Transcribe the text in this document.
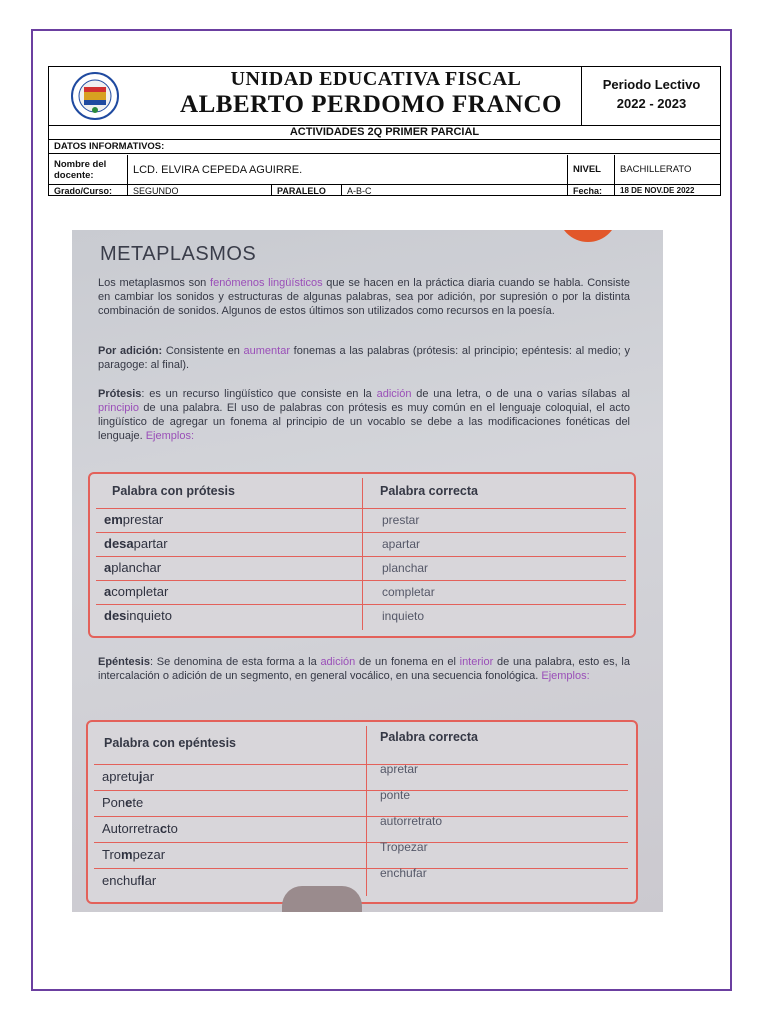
UNIDAD EDUCATIVA FISCAL
ALBERTO PERDOMO FRANCO
Periodo Lectivo
2022 - 2023
ACTIVIDADES 2Q PRIMER PARCIAL
DATOS INFORMATIVOS:
Nombre del docente:	LCD. ELVIRA CEPEDA AGUIRRE.	NIVEL	BACHILLERATO
Grado/Curso:	SEGUNDO	PARALELO	A-B-C	Fecha:	18 DE NOV.DE 2022
METAPLASMOS
Los metaplasmos son fenómenos lingüísticos que se hacen en la práctica diaria cuando se habla. Consiste en cambiar los sonidos y estructuras de algunas palabras, sea por adición, por supresión o por la distinta combinación de sonidos. Algunos de estos últimos son utilizados como recursos en la poesía.
Por adición: Consistente en aumentar fonemas a las palabras (prótesis: al principio; epéntesis: al medio; y paragoge: al final).
Prótesis: es un recurso lingüístico que consiste en la adición de una letra, o de una o varias sílabas al principio de una palabra. El uso de palabras con prótesis es muy común en el lenguaje coloquial, el acto lingüístico de agregar un fonema al principio de un vocablo se debe a las modificaciones fonéticas del lenguaje. Ejemplos:
Palabra con prótesis	Palabra correcta
emprestar	prestar
desapartar	apartar
aplanchar	planchar
acompletar	completar
desinquieto	inquieto
Epéntesis: Se denomina de esta forma a la adición de un fonema en el interior de una palabra, esto es, la intercalación o adición de un segmento, en general vocálico, en una secuencia fonológica. Ejemplos:
Palabra con epéntesis	Palabra correcta
apretujar	apretar
Ponete	ponte
Autorretracto	autorretrato
Trompezar	Tropezar
enchuflar	enchufar
